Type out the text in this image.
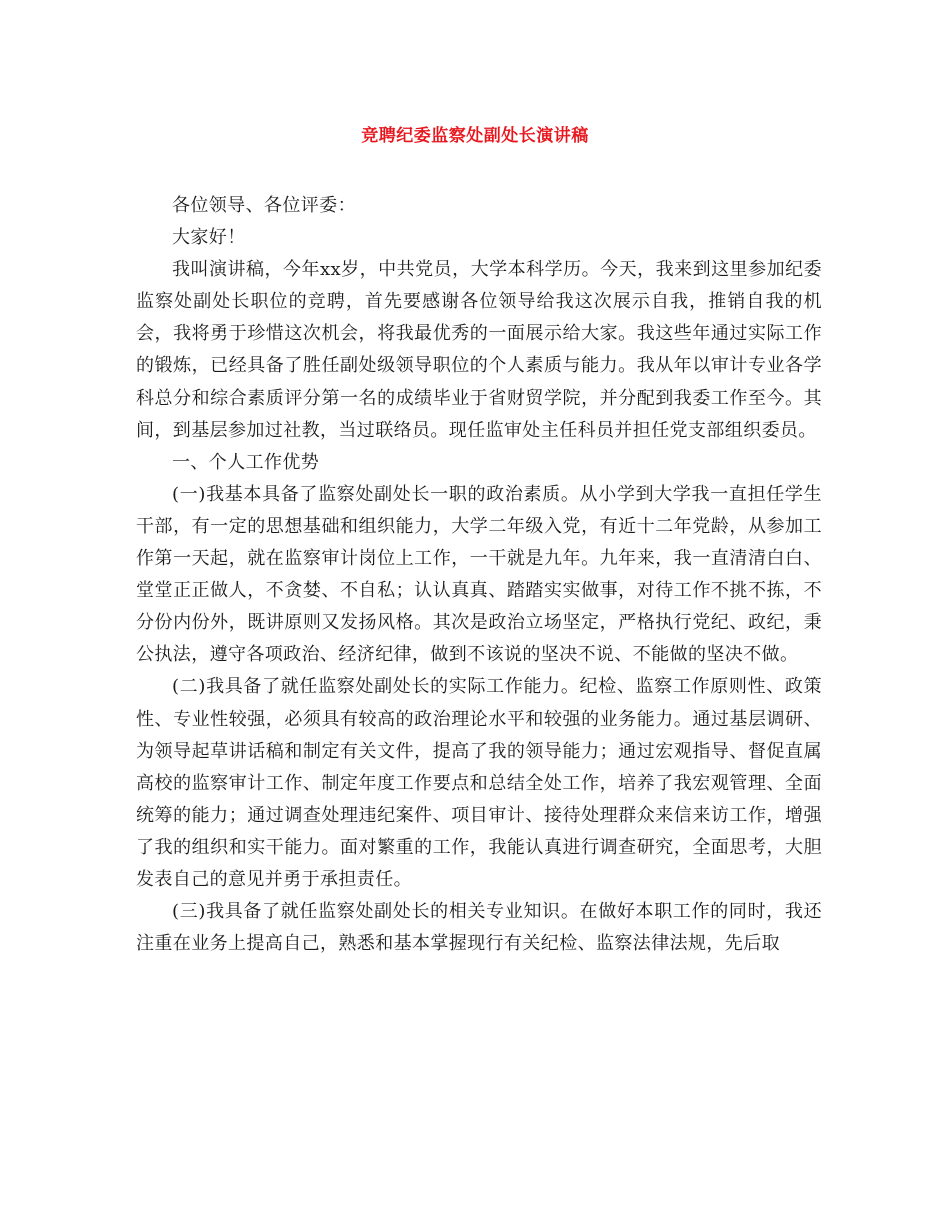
竞聘纪委监察处副处长演讲稿

各位领导、各位评委：

大家好！

我叫演讲稿，今年xx岁，中共党员，大学本科学历。今天，我来到这里参加纪委监察处副处长职位的竞聘，首先要感谢各位领导给我这次展示自我，推销自我的机会，我将勇于珍惜这次机会，将我最优秀的一面展示给大家。我这些年通过实际工作的锻炼，已经具备了胜任副处级领导职位的个人素质与能力。我从年以审计专业各学科总分和综合素质评分第一名的成绩毕业于省财贸学院，并分配到我委工作至今。其间，到基层参加过社教，当过联络员。现任监审处主任科员并担任党支部组织委员。

一、个人工作优势

(一)我基本具备了监察处副处长一职的政治素质。从小学到大学我一直担任学生干部，有一定的思想基础和组织能力，大学二年级入党，有近十二年党龄，从参加工作第一天起，就在监察审计岗位上工作，一干就是九年。九年来，我一直清清白白、堂堂正正做人，不贪婪、不自私；认认真真、踏踏实实做事，对待工作不挑不拣，不分份内份外，既讲原则又发扬风格。其次是政治立场坚定，严格执行党纪、政纪，秉公执法，遵守各项政治、经济纪律，做到不该说的坚决不说、不能做的坚决不做。

(二)我具备了就任监察处副处长的实际工作能力。纪检、监察工作原则性、政策性、专业性较强，必须具有较高的政治理论水平和较强的业务能力。通过基层调研、为领导起草讲话稿和制定有关文件，提高了我的领导能力；通过宏观指导、督促直属高校的监察审计工作、制定年度工作要点和总结全处工作，培养了我宏观管理、全面统筹的能力；通过调查处理违纪案件、项目审计、接待处理群众来信来访工作，增强了我的组织和实干能力。面对繁重的工作，我能认真进行调查研究，全面思考，大胆发表自己的意见并勇于承担责任。

(三)我具备了就任监察处副处长的相关专业知识。在做好本职工作的同时，我还注重在业务上提高自己，熟悉和基本掌握现行有关纪检、监察法律法规，先后取
